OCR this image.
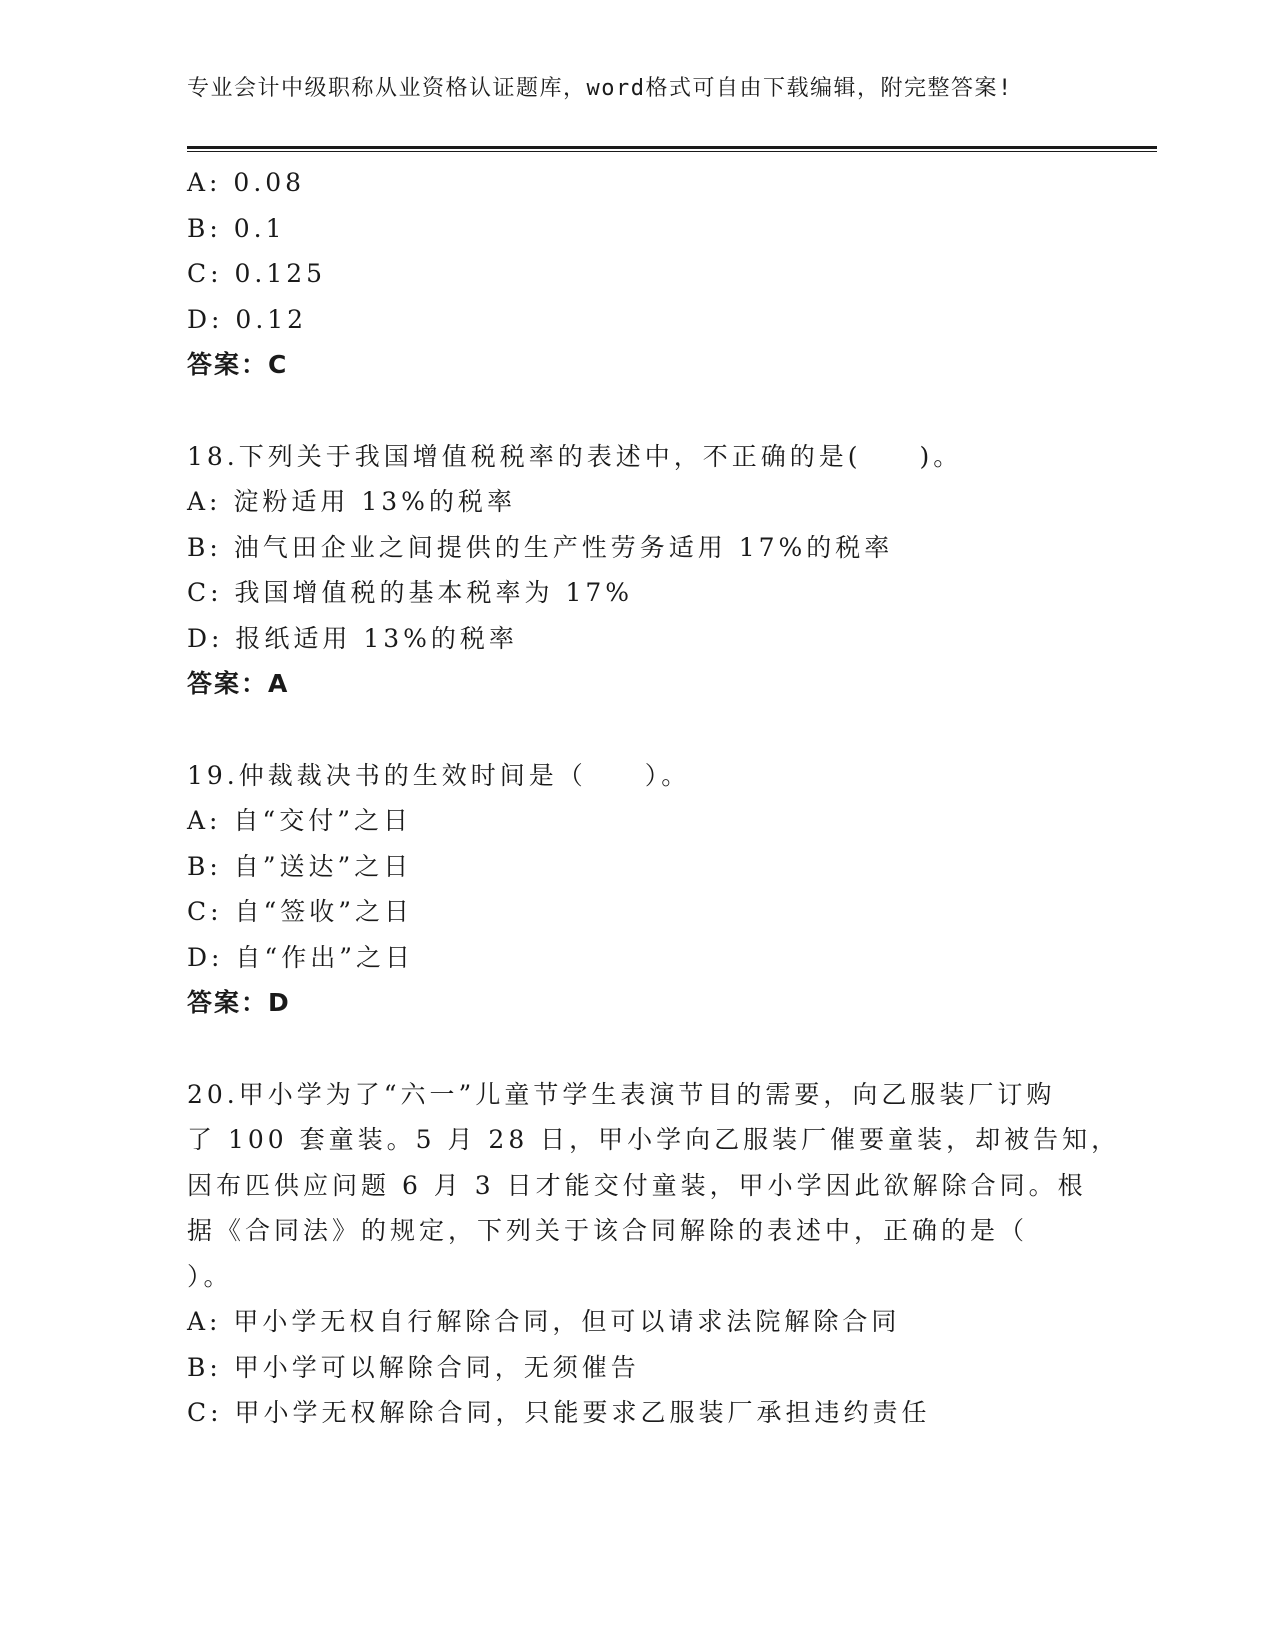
专业会计中级职称从业资格认证题库，word格式可自由下载编辑，附完整答案!
A: 0.08
B: 0.1
C: 0.125
D: 0.12
答案：C
18.下列关于我国增值税税率的表述中，不正确的是(　　)。
A: 淀粉适用 13%的税率
B: 油气田企业之间提供的生产性劳务适用 17%的税率
C: 我国增值税的基本税率为 17%
D: 报纸适用 13%的税率
答案：A
19.仲裁裁决书的生效时间是（　　）。
A: 自“交付”之日
B: 自”送达”之日
C: 自“签收”之日
D: 自“作出”之日
答案：D
20.甲小学为了“六一”儿童节学生表演节目的需要，向乙服装厂订购
了 100 套童装。5 月 28 日，甲小学向乙服装厂催要童装，却被告知，
因布匹供应问题 6 月 3 日才能交付童装，甲小学因此欲解除合同。根
据《合同法》的规定，下列关于该合同解除的表述中，正确的是（
）。
A: 甲小学无权自行解除合同，但可以请求法院解除合同
B: 甲小学可以解除合同，无须催告
C: 甲小学无权解除合同，只能要求乙服装厂承担违约责任
